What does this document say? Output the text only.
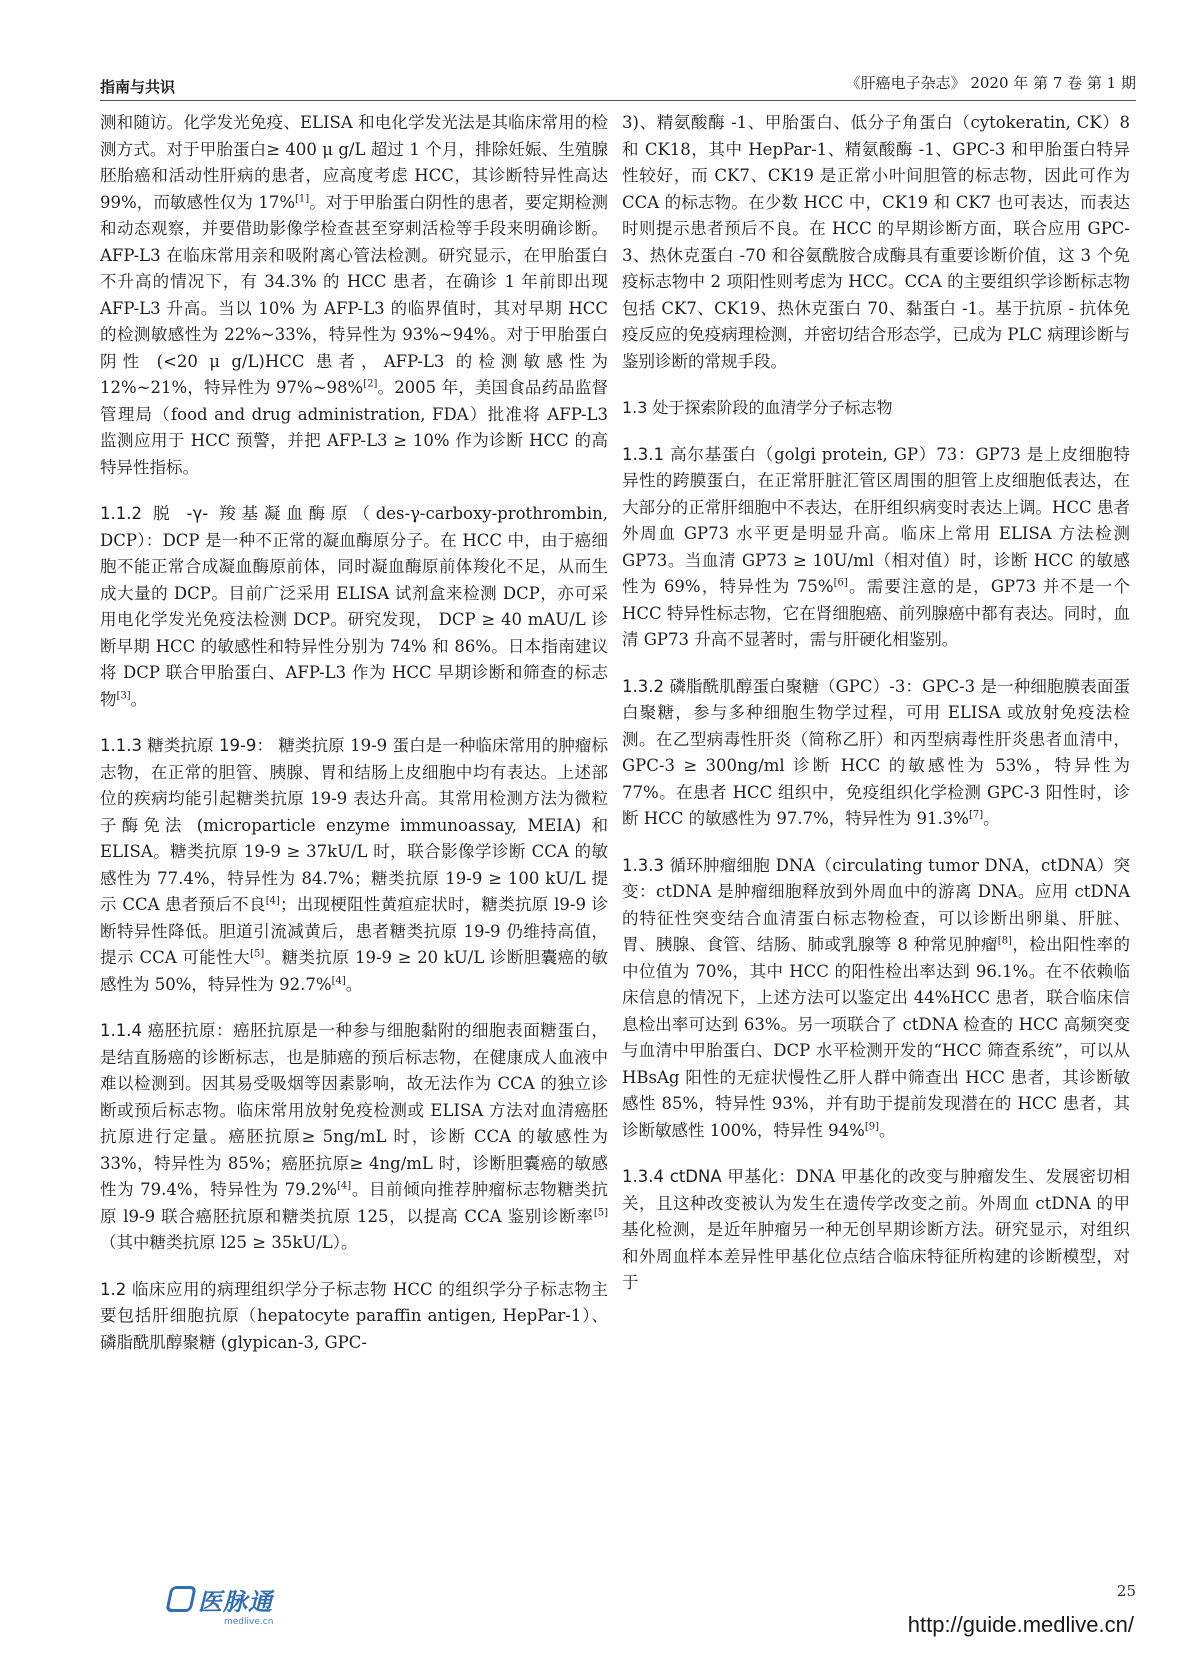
指南与共识	《肝癌电子杂志》 2020 年 第 7 卷 第 1 期

测和随访。化学发光免疫、ELISA 和电化学发光法是其临床常用的检测方式。对于甲胎蛋白≥ 400 μ g/L 超过 1 个月，排除妊娠、生殖腺胚胎癌和活动性肝病的患者，应高度考虑 HCC，其诊断特异性高达 99%，而敏感性仅为 17%[1]。对于甲胎蛋白阴性的患者，要定期检测和动态观察，并要借助影像学检查甚至穿刺活检等手段来明确诊断。AFP-L3 在临床常用亲和吸附离心管法检测。研究显示，在甲胎蛋白不升高的情况下，有 34.3% 的 HCC 患者，在确诊 1 年前即出现 AFP-L3 升高。当以 10% 为 AFP-L3 的临界值时，其对早期 HCC 的检测敏感性为 22%~33%，特异性为 93%~94%。对于甲胎蛋白阴性 (<20 μ g/L)HCC 患者，AFP-L3 的检测敏感性为 12%~21%，特异性为 97%~98%[2]。2005 年，美国食品药品监督管理局（food and drug administration, FDA）批准将 AFP-L3 监测应用于 HCC 预警，并把 AFP-L3 ≥ 10% 作为诊断 HCC 的高特异性指标。

1.1.2 脱 -γ- 羧基凝血酶原（des-γ-carboxy-prothrombin, DCP）：DCP 是一种不正常的凝血酶原分子。在 HCC 中，由于癌细胞不能正常合成凝血酶原前体，同时凝血酶原前体羧化不足，从而生成大量的 DCP。目前广泛采用 ELISA 试剂盒来检测 DCP，亦可采用电化学发光免疫法检测 DCP。研究发现， DCP ≥ 40 mAU/L 诊断早期 HCC 的敏感性和特异性分别为 74% 和 86%。日本指南建议将 DCP 联合甲胎蛋白、AFP-L3 作为 HCC 早期诊断和筛查的标志物[3]。

1.1.3 糖类抗原 19-9： 糖类抗原 19-9 蛋白是一种临床常用的肿瘤标志物，在正常的胆管、胰腺、胃和结肠上皮细胞中均有表达。上述部位的疾病均能引起糖类抗原 19-9 表达升高。其常用检测方法为微粒子酶免法 (microparticle enzyme immunoassay, MEIA) 和 ELISA。糖类抗原 19-9 ≥ 37kU/L 时，联合影像学诊断 CCA 的敏感性为 77.4%，特异性为 84.7%；糖类抗原 19-9 ≥ 100 kU/L 提示 CCA 患者预后不良[4]；出现梗阻性黄疸症状时，糖类抗原 l9-9 诊断特异性降低。胆道引流减黄后，患者糖类抗原 19-9 仍维持高值，提示 CCA 可能性大[5]。糖类抗原 19-9 ≥ 20 kU/L 诊断胆囊癌的敏感性为 50%，特异性为 92.7%[4]。

1.1.4 癌胚抗原：癌胚抗原是一种参与细胞黏附的细胞表面糖蛋白，是结直肠癌的诊断标志，也是肺癌的预后标志物，在健康成人血液中难以检测到。因其易受吸烟等因素影响，故无法作为 CCA 的独立诊断或预后标志物。临床常用放射免疫检测或 ELISA 方法对血清癌胚抗原进行定量。癌胚抗原≥ 5ng/mL 时，诊断 CCA 的敏感性为 33%，特异性为 85%；癌胚抗原≥ 4ng/mL 时，诊断胆囊癌的敏感性为 79.4%，特异性为 79.2%[4]。目前倾向推荐肿瘤标志物糖类抗原 l9-9 联合癌胚抗原和糖类抗原 125，以提高 CCA 鉴别诊断率[5]（其中糖类抗原 l25 ≥ 35kU/L）。

1.2 临床应用的病理组织学分子标志物 HCC 的组织学分子标志物主要包括肝细胞抗原（hepatocyte paraffin antigen, HepPar-1）、磷脂酰肌醇聚糖 (glypican-3, GPC-

3)、精氨酸酶 -1、甲胎蛋白、低分子角蛋白（cytokeratin, CK）8 和 CK18，其中 HepPar-1、精氨酸酶 -1、GPC-3 和甲胎蛋白特异性较好，而 CK7、CK19 是正常小叶间胆管的标志物，因此可作为 CCA 的标志物。在少数 HCC 中，CK19 和 CK7 也可表达，而表达时则提示患者预后不良。在 HCC 的早期诊断方面，联合应用 GPC-3、热休克蛋白 -70 和谷氨酰胺合成酶具有重要诊断价值，这 3 个免疫标志物中 2 项阳性则考虑为 HCC。CCA 的主要组织学诊断标志物包括 CK7、CK19、热休克蛋白 70、黏蛋白 -1。基于抗原 - 抗体免疫反应的免疫病理检测，并密切结合形态学，已成为 PLC 病理诊断与鉴别诊断的常规手段。

1.3 处于探索阶段的血清学分子标志物

1.3.1 高尔基蛋白（golgi protein, GP）73：GP73 是上皮细胞特异性的跨膜蛋白，在正常肝脏汇管区周围的胆管上皮细胞低表达，在大部分的正常肝细胞中不表达，在肝组织病变时表达上调。HCC 患者外周血 GP73 水平更是明显升高。临床上常用 ELISA 方法检测 GP73。当血清 GP73 ≥ 10U/ml（相对值）时，诊断 HCC 的敏感性为 69%，特异性为 75%[6]。需要注意的是，GP73 并不是一个 HCC 特异性标志物，它在肾细胞癌、前列腺癌中都有表达。同时，血清 GP73 升高不显著时，需与肝硬化相鉴别。

1.3.2 磷脂酰肌醇蛋白聚糖（GPC）-3：GPC-3 是一种细胞膜表面蛋白聚糖，参与多种细胞生物学过程，可用 ELISA 或放射免疫法检测。在乙型病毒性肝炎（简称乙肝）和丙型病毒性肝炎患者血清中，GPC-3 ≥ 300ng/ml 诊断 HCC 的敏感性为 53%，特异性为 77%。在患者 HCC 组织中，免疫组织化学检测 GPC-3 阳性时，诊断 HCC 的敏感性为 97.7%，特异性为 91.3%[7]。

1.3.3 循环肿瘤细胞 DNA（circulating tumor DNA，ctDNA）突变：ctDNA 是肿瘤细胞释放到外周血中的游离 DNA。应用 ctDNA 的特征性突变结合血清蛋白标志物检查，可以诊断出卵巢、肝脏、胃、胰腺、食管、结肠、肺或乳腺等 8 种常见肿瘤[8]，检出阳性率的中位值为 70%，其中 HCC 的阳性检出率达到 96.1%。在不依赖临床信息的情况下，上述方法可以鉴定出 44%HCC 患者，联合临床信息检出率可达到 63%。另一项联合了 ctDNA 检查的 HCC 高频突变与血清中甲胎蛋白、DCP 水平检测开发的“HCC 筛查系统”，可以从 HBsAg 阳性的无症状慢性乙肝人群中筛查出 HCC 患者，其诊断敏感性 85%，特异性 93%，并有助于提前发现潜在的 HCC 患者，其诊断敏感性 100%，特异性 94%[9]。

1.3.4 ctDNA 甲基化：DNA 甲基化的改变与肿瘤发生、发展密切相关，且这种改变被认为发生在遗传学改变之前。外周血 ctDNA 的甲基化检测，是近年肿瘤另一种无创早期诊断方法。研究显示，对组织和外周血样本差异性甲基化位点结合临床特征所构建的诊断模型，对于

医脉通
medlive.cn
25
http://guide.medlive.cn/
